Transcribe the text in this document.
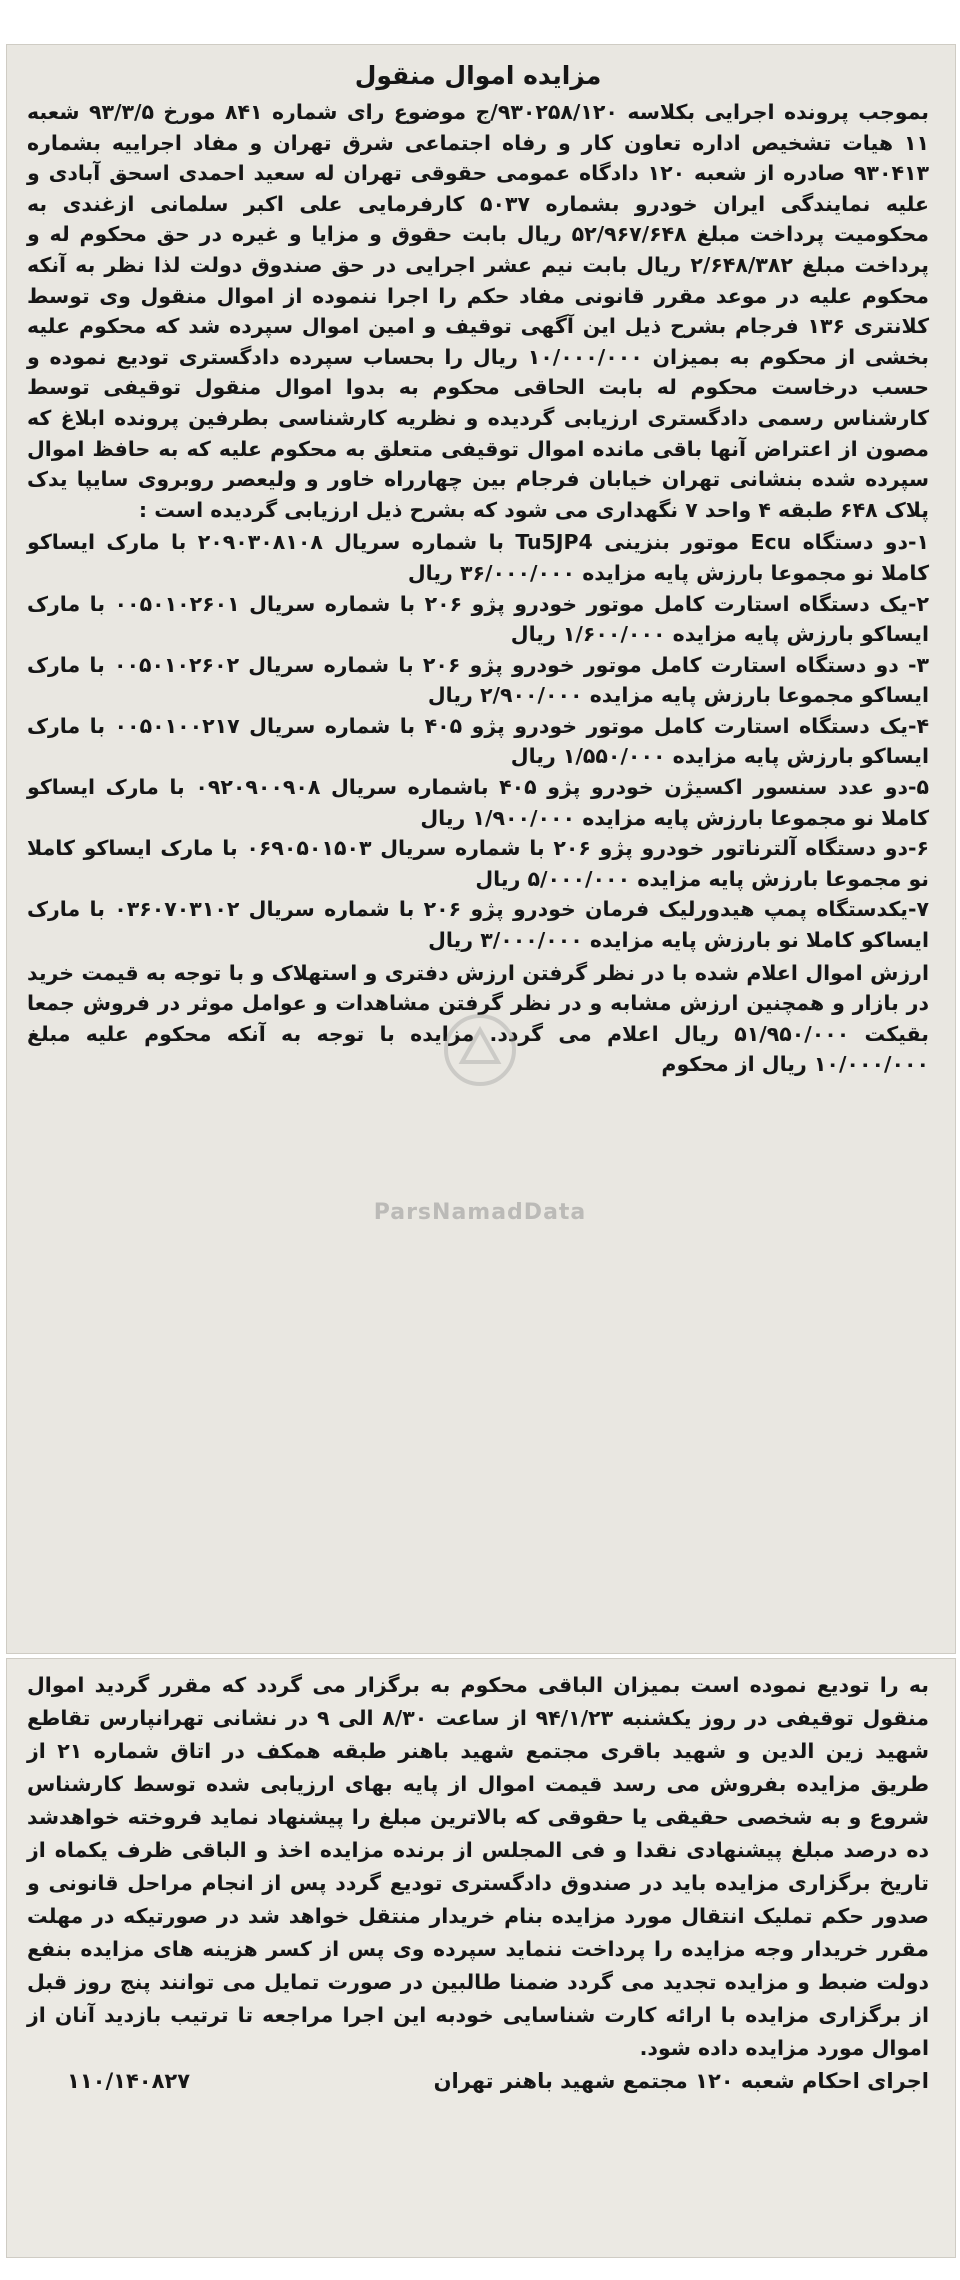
مزایده اموال منقول

بموجب پرونده اجرایی بکلاسه ۹۳۰۲۵۸/۱۲۰/ج موضوع رای شماره ۸۴۱ مورخ ۹۳/۳/۵ شعبه ۱۱ هیات تشخیص اداره تعاون کار و رفاه اجتماعی شرق تهران و مفاد اجراییه بشماره ۹۳۰۴۱۳ صادره از شعبه ۱۲۰ دادگاه عمومی حقوقی تهران له سعید احمدی اسحق آبادی و علیه نمایندگی ایران خودرو بشماره ۵۰۳۷ کارفرمایی علی اکبر سلمانی ازغندی به محکومیت پرداخت مبلغ ۵۲/۹۶۷/۶۴۸ ریال بابت حقوق و مزایا و غیره در حق محکوم له و پرداخت مبلغ ۲/۶۴۸/۳۸۲ ریال بابت نیم عشر اجرایی در حق صندوق دولت لذا نظر به آنکه محکوم علیه در موعد مقرر قانونی مفاد حکم را اجرا ننموده از اموال منقول وی توسط کلانتری ۱۳۶ فرجام بشرح ذیل این آگهی توقیف و امین اموال سپرده شد که محکوم علیه بخشی از محکوم به بمیزان ۱۰/۰۰۰/۰۰۰ ریال را بحساب سپرده دادگستری تودیع نموده و حسب درخاست محکوم له بابت الحاقی محکوم به بدوا اموال منقول توقیفی توسط کارشناس رسمی دادگستری ارزیابی گردیده و نظریه کارشناسی بطرفین پرونده ابلاغ که مصون از اعتراض آنها باقی مانده اموال توقیفی متعلق به محکوم علیه که به حافظ اموال سپرده شده بنشانی تهران خیابان فرجام بین چهارراه خاور و ولیعصر روبروی سایپا یدک پلاک ۶۴۸ طبقه ۴ واحد ۷ نگهداری می شود که بشرح ذیل ارزیابی گردیده است :

۱-دو دستگاه Ecu موتور بنزینی Tu5JP4 با شماره سریال ۲۰۹۰۳۰۸۱۰۸ با مارک ایساکو کاملا نو مجموعا بارزش پایه مزایده ۳۶/۰۰۰/۰۰۰ ریال
۲-یک دستگاه استارت کامل موتور خودرو پژو ۲۰۶ با شماره سریال ۰۰۵۰۱۰۲۶۰۱ با مارک ایساکو بارزش پایه مزایده ۱/۶۰۰/۰۰۰ ریال
۳- دو دستگاه استارت کامل موتور خودرو پژو ۲۰۶ با شماره سریال ۰۰۵۰۱۰۲۶۰۲ با مارک ایساکو مجموعا بارزش پایه مزایده ۲/۹۰۰/۰۰۰ ریال
۴-یک دستگاه استارت کامل موتور خودرو پژو ۴۰۵ با شماره سریال ۰۰۵۰۱۰۰۲۱۷ با مارک ایساکو بارزش پایه مزایده ۱/۵۵۰/۰۰۰ ریال
۵-دو عدد سنسور اکسیژن خودرو پژو ۴۰۵ باشماره سریال ۰۹۲۰۹۰۰۹۰۸ با مارک ایساکو کاملا نو مجموعا بارزش پایه مزایده ۱/۹۰۰/۰۰۰ ریال
۶-دو دستگاه آلترناتور خودرو پژو ۲۰۶ با شماره سریال ۰۶۹۰۵۰۱۵۰۳ با مارک ایساکو کاملا نو مجموعا بارزش پایه مزایده ۵/۰۰۰/۰۰۰ ریال
۷-یکدستگاه پمپ هیدورلیک فرمان خودرو پژو ۲۰۶ با شماره سریال ۰۳۶۰۷۰۳۱۰۲ با مارک ایساکو کاملا نو بارزش پایه مزایده ۳/۰۰۰/۰۰۰ ریال

ارزش اموال اعلام شده با در نظر گرفتن ارزش دفتری و استهلاک و با توجه به قیمت خرید در بازار و همچنین ارزش مشابه و در نظر گرفتن مشاهدات و عوامل موثر در فروش جمعا بقیکت ۵۱/۹۵۰/۰۰۰ ریال اعلام می گردد. مزایده با توجه به آنکه محکوم علیه مبلغ ۱۰/۰۰۰/۰۰۰ ریال از محکوم

ParsNamadData

به را تودیع نموده است بمیزان الباقی محکوم به برگزار می گردد که مقرر گردید اموال منقول توقیفی در روز یکشنبه ۹۴/۱/۲۳ از ساعت ۸/۳۰ الی ۹ در نشانی تهرانپارس تقاطع شهید زین الدین و شهید باقری مجتمع شهید باهنر طبقه همکف در اتاق شماره ۲۱ از طریق مزایده بفروش می رسد قیمت اموال از پایه بهای ارزیابی شده توسط کارشناس شروع و به شخصی حقیقی یا حقوقی که بالاترین مبلغ را پیشنهاد نماید فروخته خواهدشد ده درصد مبلغ پیشنهادی نقدا و فی المجلس از برنده مزایده اخذ و الباقی ظرف یکماه از تاریخ برگزاری مزایده باید در صندوق دادگستری تودیع گردد پس از انجام مراحل قانونی و صدور حکم تملیک انتقال مورد مزایده بنام خریدار منتقل خواهد شد در صورتیکه در مهلت مقرر خریدار وجه مزایده را پرداخت ننماید سپرده وی پس از کسر هزینه های مزایده بنفع دولت ضبط و مزایده تجدید می گردد ضمنا طالبین در صورت تمایل می توانند پنج روز قبل از برگزاری مزایده با ارائه کارت شناسایی خودبه این اجرا مراجعه تا ترتیب بازدید آنان از اموال مورد مزایده داده شود.

اجرای احکام شعبه ۱۲۰ مجتمع شهید باهنر تهران
۱۱۰/۱۴۰۸۲۷
